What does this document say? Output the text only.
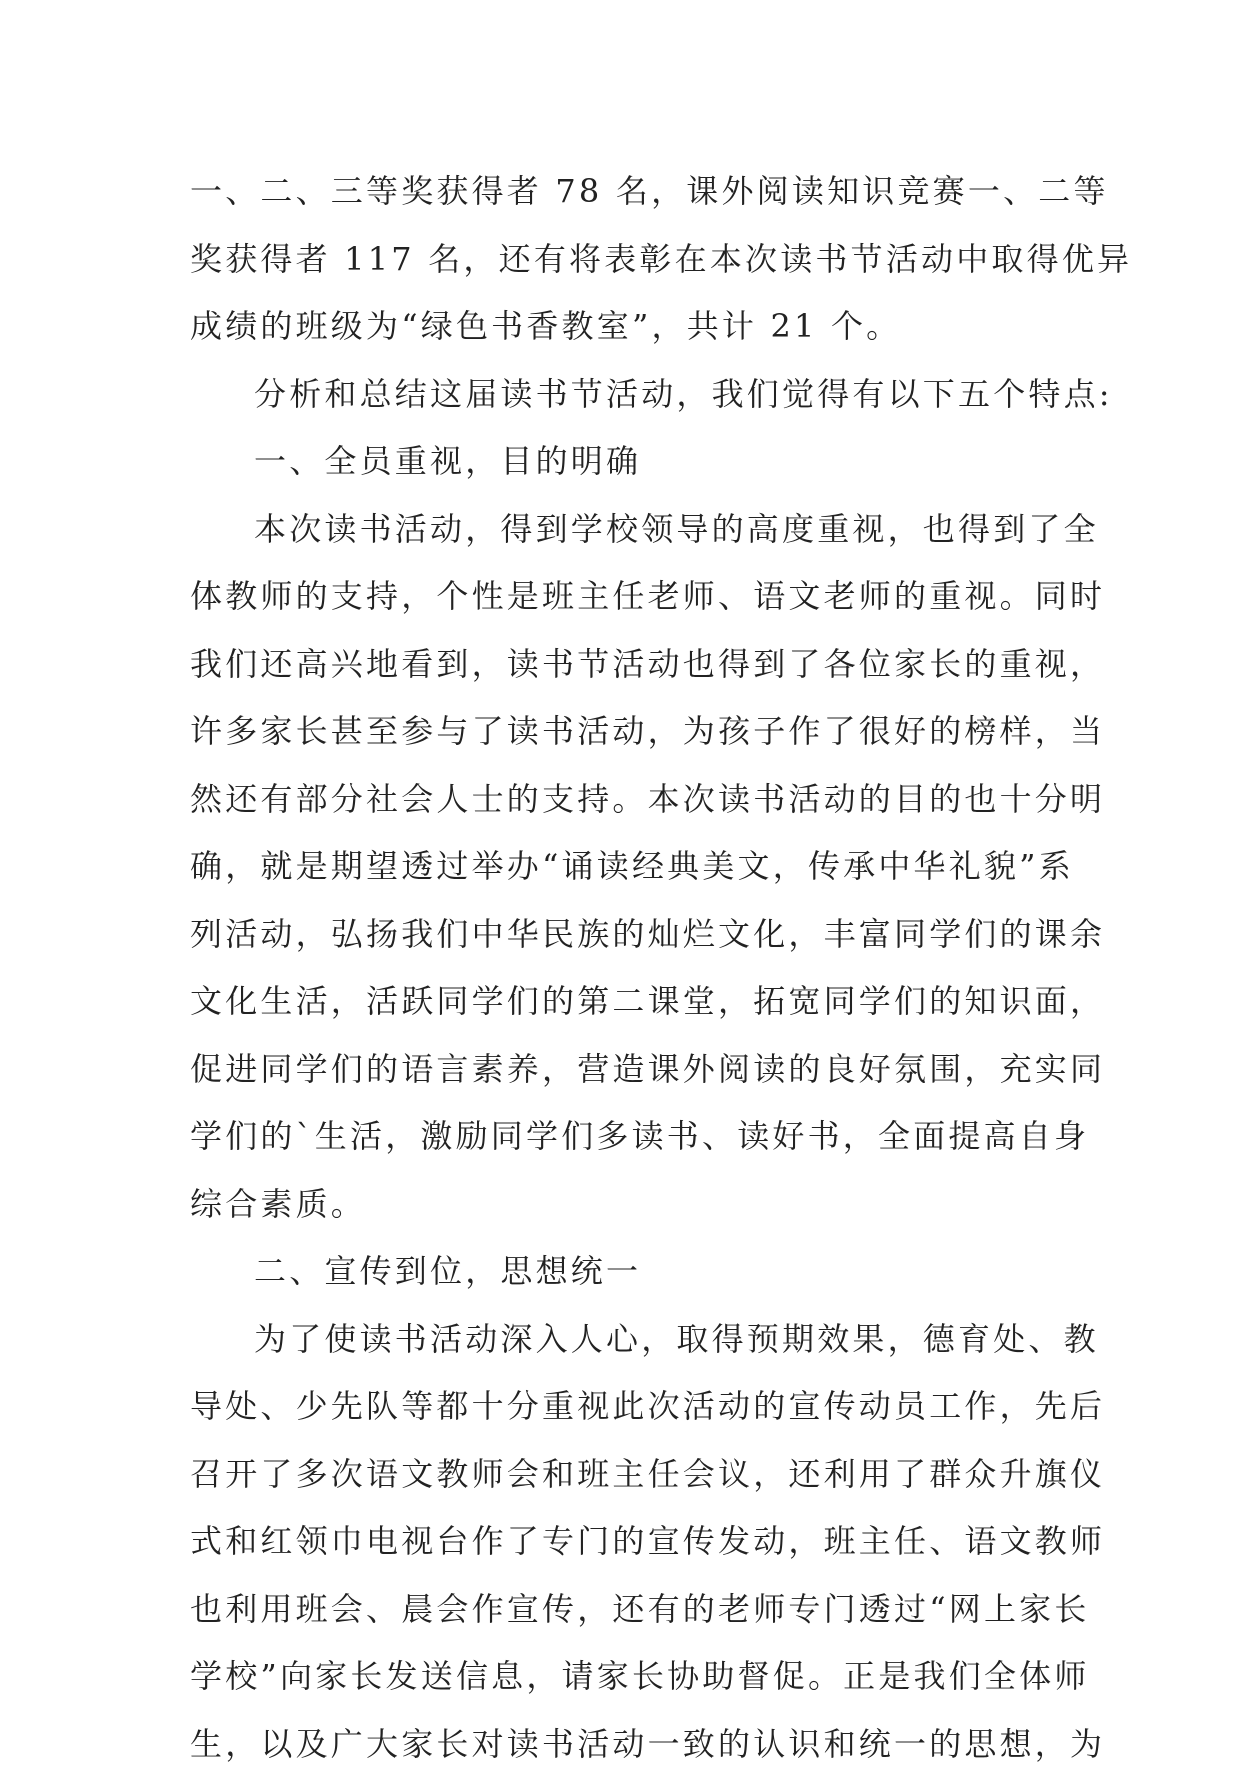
一、二、三等奖获得者 78 名，课外阅读知识竞赛一、二等
奖获得者 117 名，还有将表彰在本次读书节活动中取得优异
成绩的班级为“绿色书香教室”，共计 21 个。
分析和总结这届读书节活动，我们觉得有以下五个特点:
一、全员重视，目的明确
本次读书活动，得到学校领导的高度重视，也得到了全
体教师的支持，个性是班主任老师、语文老师的重视。同时
我们还高兴地看到，读书节活动也得到了各位家长的重视，
许多家长甚至参与了读书活动，为孩子作了很好的榜样，当
然还有部分社会人士的支持。本次读书活动的目的也十分明
确，就是期望透过举办“诵读经典美文，传承中华礼貌”系
列活动，弘扬我们中华民族的灿烂文化，丰富同学们的课余
文化生活，活跃同学们的第二课堂，拓宽同学们的知识面，
促进同学们的语言素养，营造课外阅读的良好氛围，充实同
学们的`生活，激励同学们多读书、读好书，全面提高自身
综合素质。
二、宣传到位，思想统一
为了使读书活动深入人心，取得预期效果，德育处、教
导处、少先队等都十分重视此次活动的宣传动员工作，先后
召开了多次语文教师会和班主任会议，还利用了群众升旗仪
式和红领巾电视台作了专门的宣传发动，班主任、语文教师
也利用班会、晨会作宣传，还有的老师专门透过“网上家长
学校”向家长发送信息，请家长协助督促。正是我们全体师
生，以及广大家长对读书活动一致的认识和统一的思想，为
